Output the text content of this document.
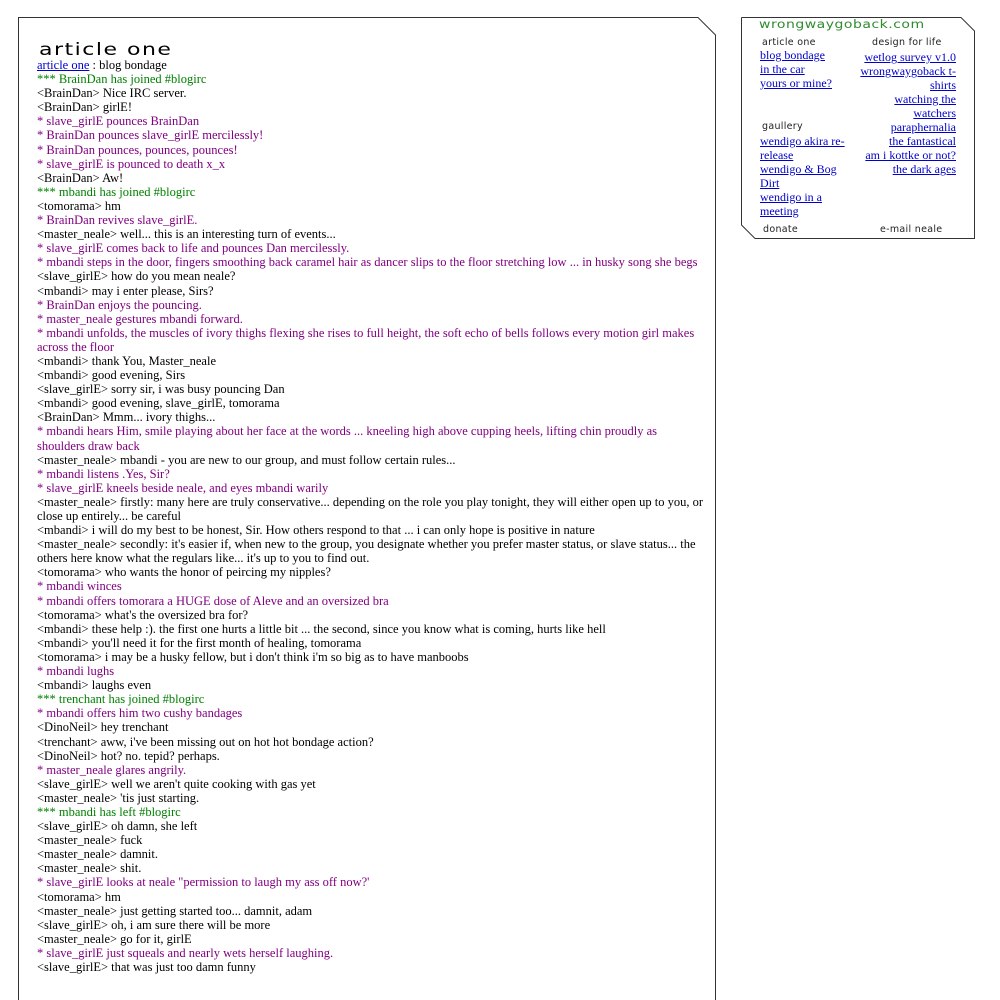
article one

article one : blog bondage

*** BrainDan has joined #blogirc

<BrainDan> Nice IRC server.

<BrainDan> girlE!

* slave_girlE pounces BrainDan

* BrainDan pounces slave_girlE mercilessly!

* BrainDan pounces, pounces, pounces!

* slave_girlE is pounced to death x_x

<BrainDan> Aw!

*** mbandi has joined #blogirc

<tomorama> hm

* BrainDan revives slave_girlE.

<master_neale> well... this is an interesting turn of events...

* slave_girlE comes back to life and pounces Dan mercilessly.

* mbandi steps in the door, fingers smoothing back caramel hair as dancer slips to the floor stretching low ... in husky song she begs

<slave_girlE> how do you mean neale?

<mbandi> may i enter please, Sirs?

* BrainDan enjoys the pouncing.

* master_neale gestures mbandi forward.

* mbandi unfolds, the muscles of ivory thighs flexing she rises to full height, the soft echo of bells follows every motion girl makes across the floor

<mbandi> thank You, Master_neale

<mbandi> good evening, Sirs

<slave_girlE> sorry sir, i was busy pouncing Dan

<mbandi> good evening, slave_girlE, tomorama

<BrainDan> Mmm... ivory thighs...

* mbandi hears Him, smile playing about her face at the words ... kneeling high above cupping heels, lifting chin proudly as shoulders draw back

<master_neale> mbandi - you are new to our group, and must follow certain rules...

* mbandi listens .Yes, Sir?

* slave_girlE kneels beside neale, and eyes mbandi warily

<master_neale> firstly: many here are truly conservative... depending on the role you play tonight, they will either open up to you, or close up entirely... be careful

<mbandi> i will do my best to be honest, Sir. How others respond to that ... i can only hope is positive in nature

<master_neale> secondly: it's easier if, when new to the group, you designate whether you prefer master status, or slave status... the others here know what the regulars like... it's up to you to find out.

<tomorama> who wants the honor of peircing my nipples?

* mbandi winces

* mbandi offers tomorara a HUGE dose of Aleve and an oversized bra

<tomorama> what's the oversized bra for?

<mbandi> these help :). the first one hurts a little bit ... the second, since you know what is coming, hurts like hell

<mbandi> you'll need it for the first month of healing, tomorama

<tomorama> i may be a husky fellow, but i don't think i'm so big as to have manboobs

* mbandi lughs

<mbandi> laughs even

*** trenchant has joined #blogirc

* mbandi offers him two cushy bandages

<DinoNeil> hey trenchant

<trenchant> aww, i've been missing out on hot hot bondage action?

<DinoNeil> hot? no. tepid? perhaps.

* master_neale glares angrily.

<slave_girlE> well we aren't quite cooking with gas yet

<master_neale> 'tis just starting.

*** mbandi has left #blogirc

<slave_girlE> oh damn, she left

<master_neale> fuck

<master_neale> damnit.

<master_neale> shit.

* slave_girlE looks at neale "permission to laugh my ass off now?'

<tomorama> hm

<master_neale> just getting started too... damnit, adam

<slave_girlE> oh, i am sure there will be more

<master_neale> go for it, girlE

* slave_girlE just squeals and nearly wets herself laughing.

<slave_girlE> that was just too damn funny

wrongwaygoback.com
article one	design for life
blog bondage
in the car
yours or mine?
wetlog survey v1.0
wrongwaygoback t-shirts
watching the watchers
paraphernalia
gaullery
wendigo akira re-release
wendigo & Bog Dirt
wendigo in a meeting
the fantastical
am i kottke or not?
the dark ages
donate	e-mail neale
